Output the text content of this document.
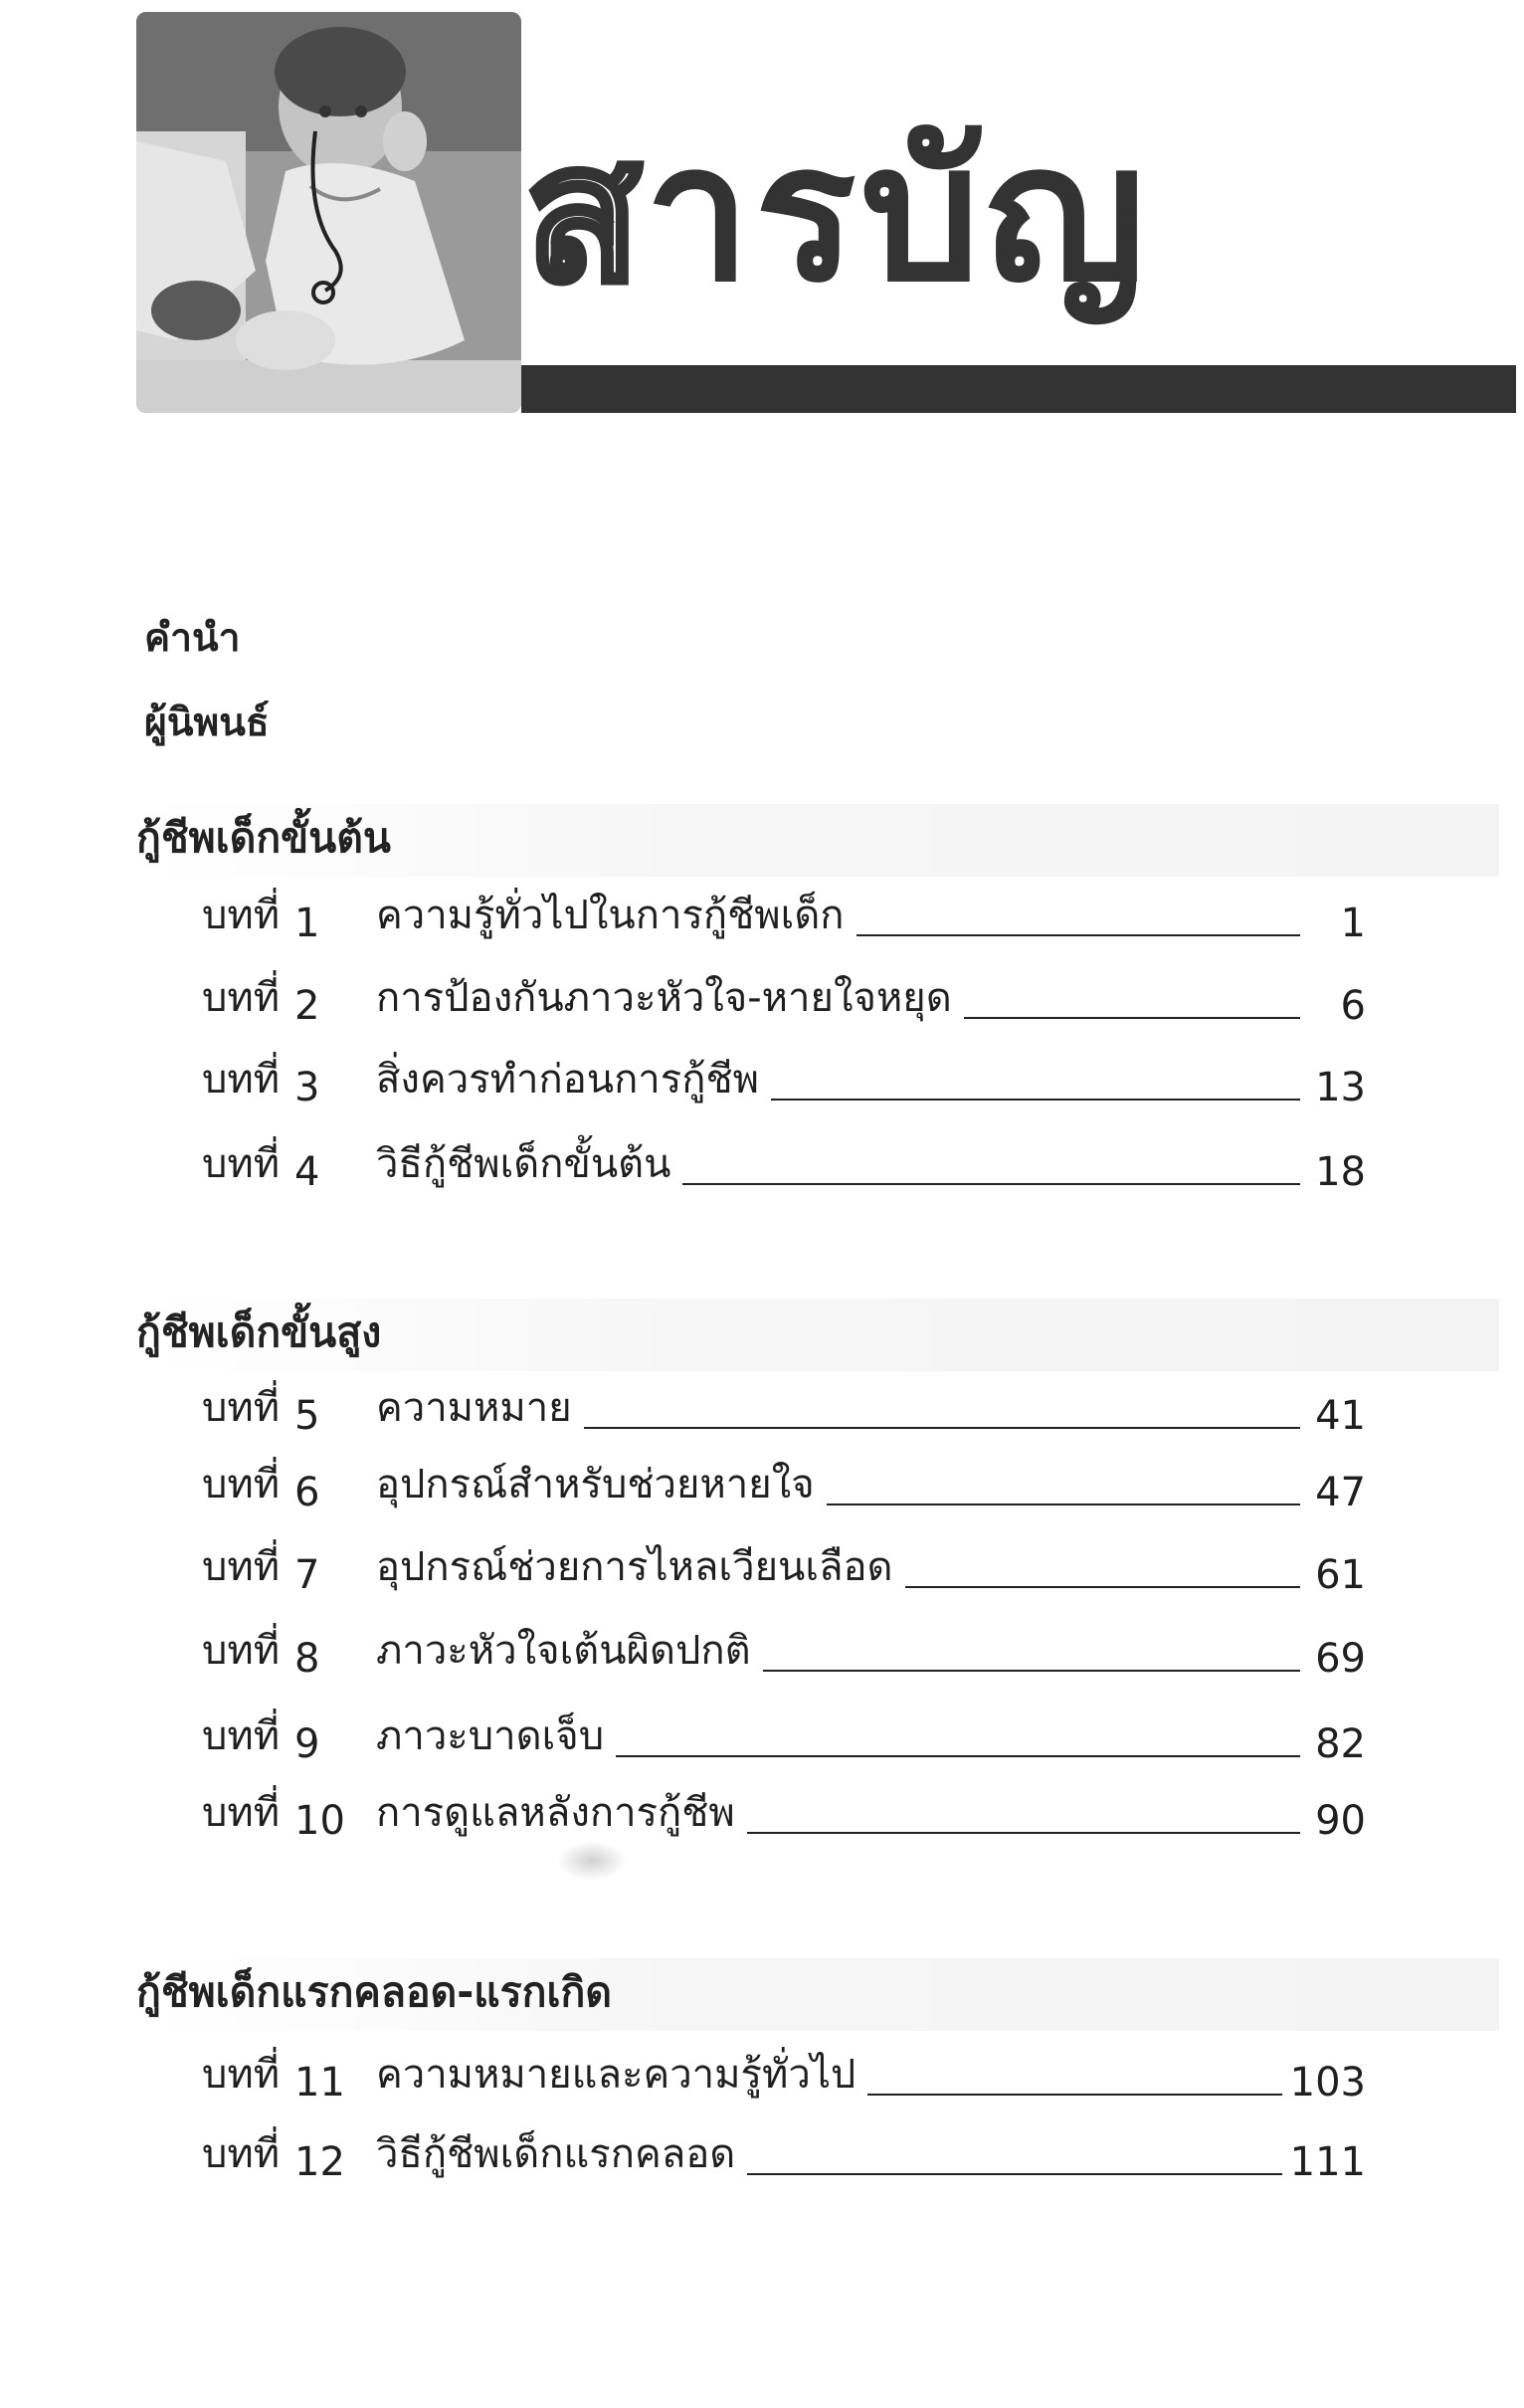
สารบัญ
คำนำ
ผู้นิพนธ์
กู้ชีพเด็กขั้นต้น
บทที่ 1	ความรู้ทั่วไปในการกู้ชีพเด็ก	1
บทที่ 2	การป้องกันภาวะหัวใจ-หายใจหยุด	6
บทที่ 3	สิ่งควรทำก่อนการกู้ชีพ	13
บทที่ 4	วิธีกู้ชีพเด็กขั้นต้น	18
กู้ชีพเด็กขั้นสูง
บทที่ 5	ความหมาย	41
บทที่ 6	อุปกรณ์สำหรับช่วยหายใจ	47
บทที่ 7	อุปกรณ์ช่วยการไหลเวียนเลือด	61
บทที่ 8	ภาวะหัวใจเต้นผิดปกติ	69
บทที่ 9	ภาวะบาดเจ็บ	82
บทที่ 10 การดูแลหลังการกู้ชีพ	90
กู้ชีพเด็กแรกคลอด-แรกเกิด
บทที่ 11 ความหมายและความรู้ทั่วไป	103
บทที่ 12 วิธีกู้ชีพเด็กแรกคลอด	111
